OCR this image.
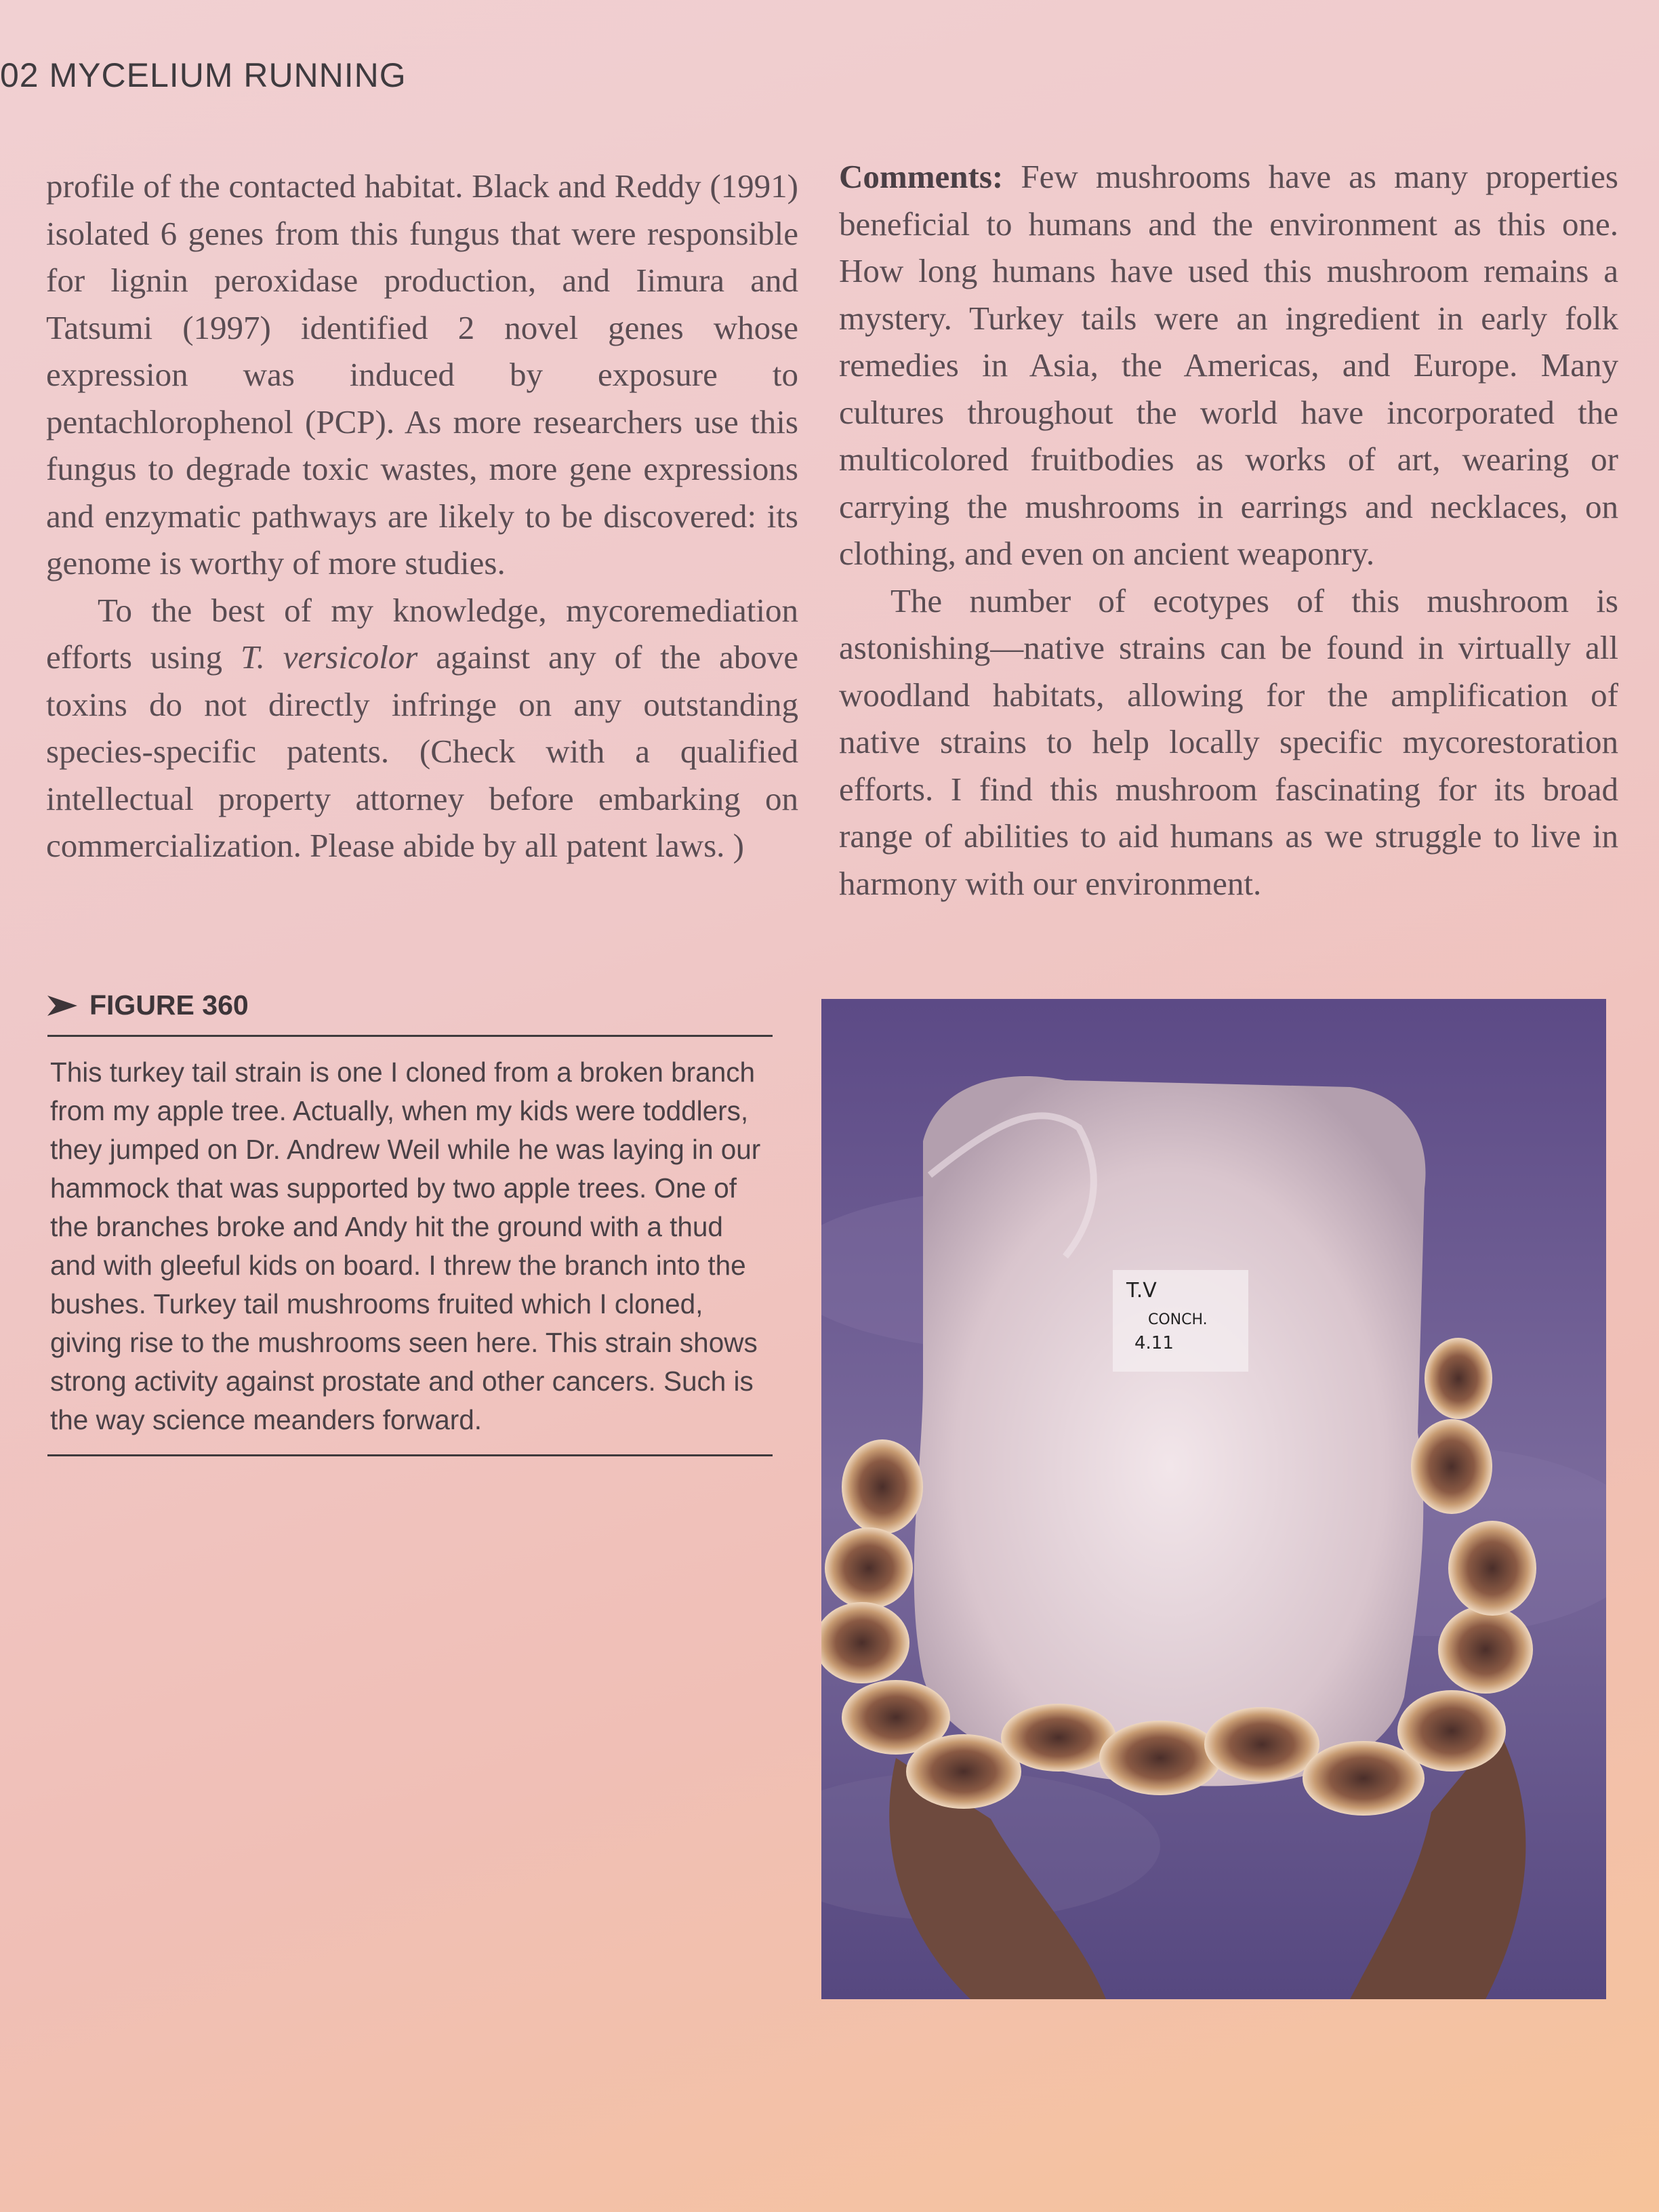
02 MYCELIUM RUNNING

profile of the contacted habitat. Black and Reddy (1991) isolated 6 genes from this fungus that were responsible for lignin peroxidase production, and Iimura and Tatsumi (1997) identified 2 novel genes whose expression was induced by exposure to pentachlorophenol (PCP). As more researchers use this fungus to degrade toxic wastes, more gene expressions and enzymatic pathways are likely to be discovered: its genome is worthy of more studies.

To the best of my knowledge, mycoremediation efforts using T. versicolor against any of the above toxins do not directly infringe on any outstanding species-specific patents. (Check with a qualified intellectual property attorney before embarking on commercialization. Please abide by all patent laws. )

Comments: Few mushrooms have as many properties beneficial to humans and the environment as this one. How long humans have used this mushroom remains a mystery. Turkey tails were an ingredient in early folk remedies in Asia, the Americas, and Europe. Many cultures throughout the world have incorporated the multicolored fruitbodies as works of art, wearing or carrying the mushrooms in earrings and necklaces, on clothing, and even on ancient weaponry.

The number of ecotypes of this mushroom is astonishing—native strains can be found in virtually all woodland habitats, allowing for the amplification of native strains to help locally specific mycorestoration efforts. I find this mushroom fascinating for its broad range of abilities to aid humans as we struggle to live in harmony with our environment.

FIGURE 360
This turkey tail strain is one I cloned from a broken branch from my apple tree. Actually, when my kids were toddlers, they jumped on Dr. Andrew Weil while he was laying in our hammock that was supported by two apple trees. One of the branches broke and Andy hit the ground with a thud and with gleeful kids on board. I threw the branch into the bushes. Turkey tail mushrooms fruited which I cloned, giving rise to the mushrooms seen here. This strain shows strong activity against prostate and other cancers. Such is the way science meanders forward.
T.V
CONCH.
4.11
